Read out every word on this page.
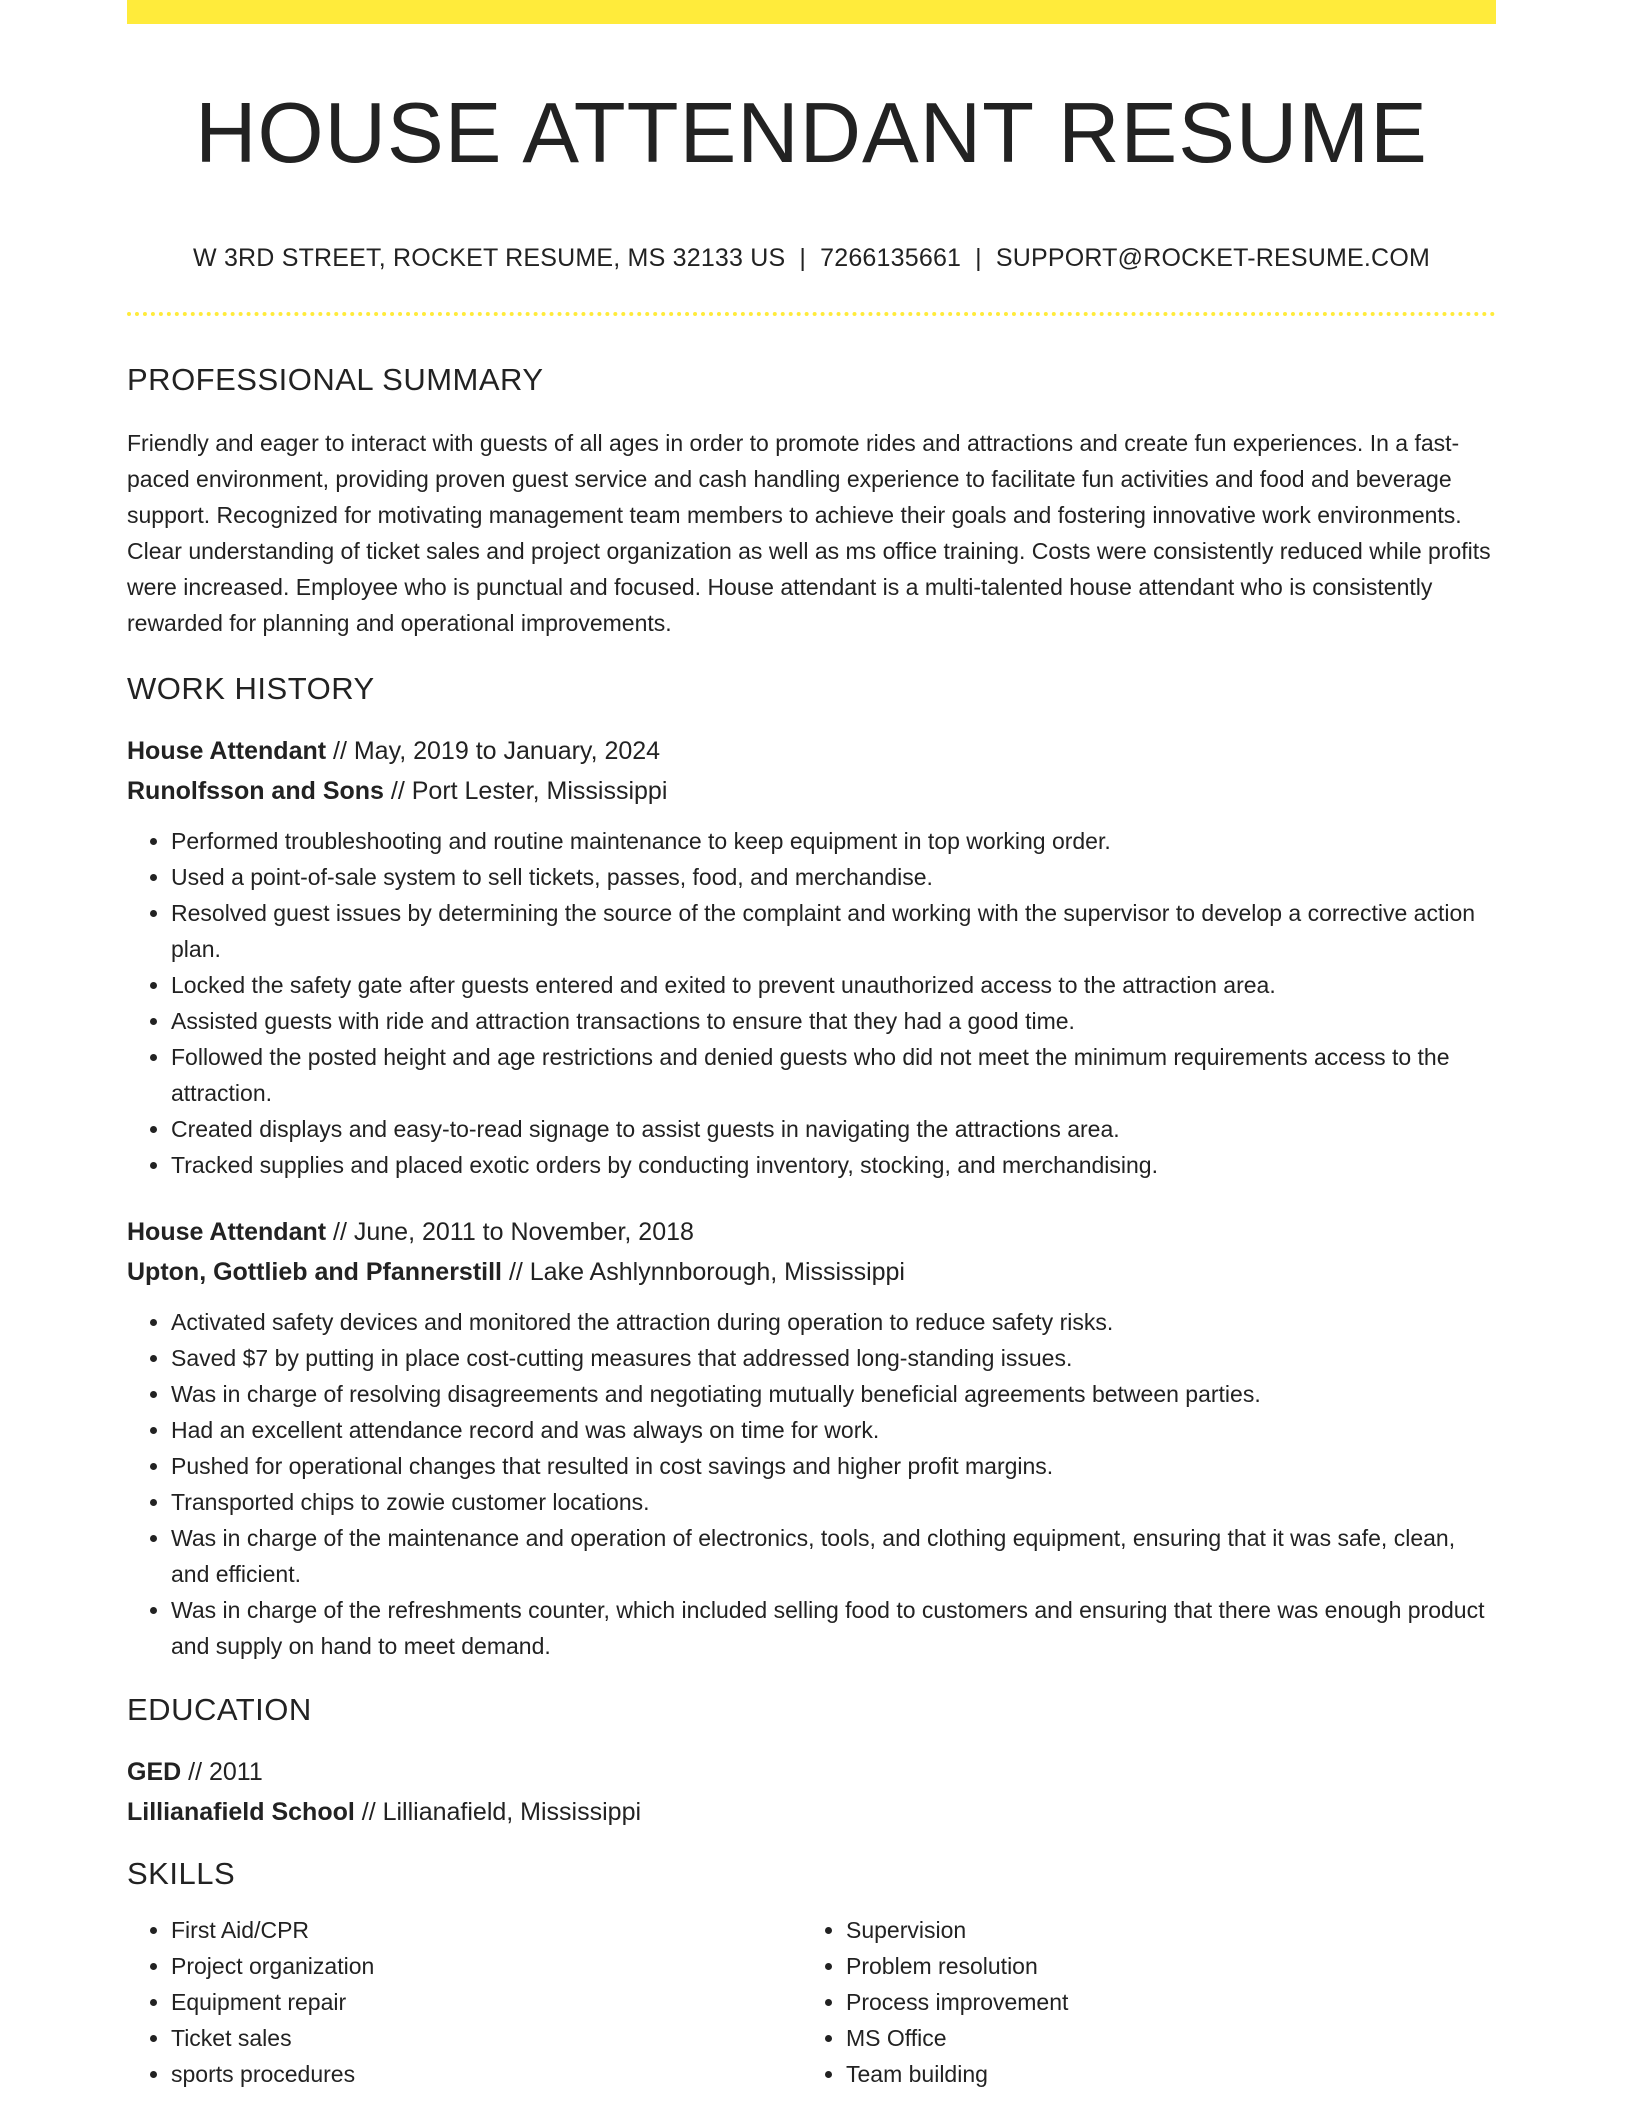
HOUSE ATTENDANT RESUME
W 3RD STREET, ROCKET RESUME, MS 32133 US | 7266135661 | SUPPORT@ROCKET-RESUME.COM
PROFESSIONAL SUMMARY

Friendly and eager to interact with guests of all ages in order to promote rides and attractions and create fun experiences. In a fast-paced environment, providing proven guest service and cash handling experience to facilitate fun activities and food and beverage support. Recognized for motivating management team members to achieve their goals and fostering innovative work environments. Clear understanding of ticket sales and project organization as well as ms office training. Costs were consistently reduced while profits were increased. Employee who is punctual and focused. House attendant is a multi-talented house attendant who is consistently rewarded for planning and operational improvements.

WORK HISTORY

House Attendant // May, 2019 to January, 2024

Runolfsson and Sons // Port Lester, Mississippi

• Performed troubleshooting and routine maintenance to keep equipment in top working order.
• Used a point-of-sale system to sell tickets, passes, food, and merchandise.
• Resolved guest issues by determining the source of the complaint and working with the supervisor to develop a corrective action plan.
• Locked the safety gate after guests entered and exited to prevent unauthorized access to the attraction area.
• Assisted guests with ride and attraction transactions to ensure that they had a good time.
• Followed the posted height and age restrictions and denied guests who did not meet the minimum requirements access to the attraction.
• Created displays and easy-to-read signage to assist guests in navigating the attractions area.
• Tracked supplies and placed exotic orders by conducting inventory, stocking, and merchandising.

House Attendant // June, 2011 to November, 2018

Upton, Gottlieb and Pfannerstill // Lake Ashlynnborough, Mississippi

• Activated safety devices and monitored the attraction during operation to reduce safety risks.
• Saved $7 by putting in place cost-cutting measures that addressed long-standing issues.
• Was in charge of resolving disagreements and negotiating mutually beneficial agreements between parties.
• Had an excellent attendance record and was always on time for work.
• Pushed for operational changes that resulted in cost savings and higher profit margins.
• Transported chips to zowie customer locations.
• Was in charge of the maintenance and operation of electronics, tools, and clothing equipment, ensuring that it was safe, clean, and efficient.
• Was in charge of the refreshments counter, which included selling food to customers and ensuring that there was enough product and supply on hand to meet demand.
EDUCATION

GED // 2011

Lillianafield School // Lillianafield, Mississippi

SKILLS
• First Aid/CPR
• Project organization
• Equipment repair
• Ticket sales
• sports procedures
• Supervision
• Problem resolution
• Process improvement
• MS Office
• Team building
